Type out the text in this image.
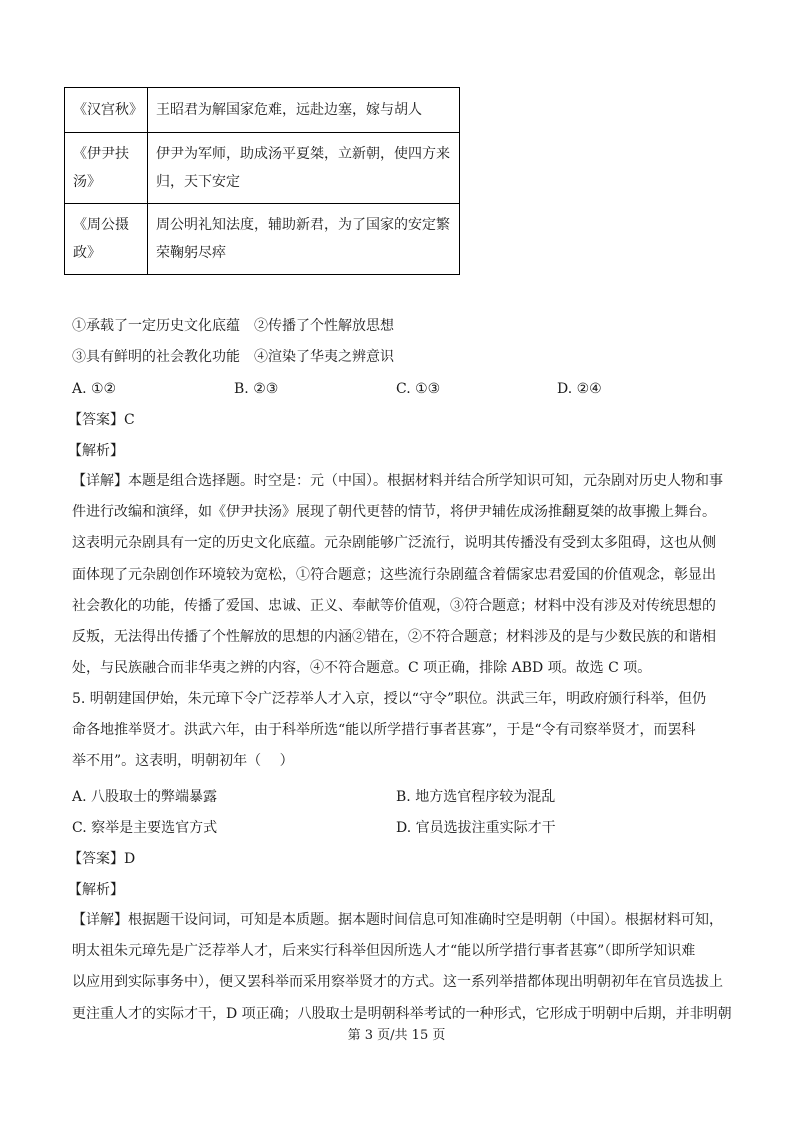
《汉宫秋》	王昭君为解国家危难，远赴边塞，嫁与胡人

《伊尹扶
汤》	伊尹为军师，助成汤平夏桀，立新朝，使四方来
归，天下安定

《周公摄
政》	周公明礼知法度，辅助新君，为了国家的安定繁
荣鞠躬尽瘁
①承载了一定历史文化底蕴　②传播了个性解放思想
③具有鲜明的社会教化功能　④渲染了华夷之辨意识
A. ①②	B. ②③	C. ①③	D. ②④
【答案】C
【解析】
【详解】本题是组合选择题。时空是：元（中国）。根据材料并结合所学知识可知，元杂剧对历史人物和事
件进行改编和演绎，如《伊尹扶汤》展现了朝代更替的情节，将伊尹辅佐成汤推翻夏桀的故事搬上舞台。
这表明元杂剧具有一定的历史文化底蕴。元杂剧能够广泛流行，说明其传播没有受到太多阻碍，这也从侧
面体现了元杂剧创作环境较为宽松，①符合题意；这些流行杂剧蕴含着儒家忠君爱国的价值观念，彰显出
社会教化的功能，传播了爱国、忠诚、正义、奉献等价值观，③符合题意；材料中没有涉及对传统思想的
反叛，无法得出传播了个性解放的思想的内涵②错在，②不符合题意；材料涉及的是与少数民族的和谐相
处，与民族融合而非华夷之辨的内容，④不符合题意。C 项正确，排除 ABD 项。故选 C 项。
5. 明朝建国伊始，朱元璋下令广泛荐举人才入京，授以“守令”职位。洪武三年，明政府颁行科举，但仍
命各地推举贤才。洪武六年，由于科举所选“能以所学措行事者甚寡”，于是“令有司察举贤才，而罢科
举不用”。这表明，明朝初年（　 ）
A. 八股取士的弊端暴露	B. 地方选官程序较为混乱
C. 察举是主要选官方式	D. 官员选拔注重实际才干
【答案】D
【解析】
【详解】根据题干设问词，可知是本质题。据本题时间信息可知准确时空是明朝（中国）。根据材料可知，
明太祖朱元璋先是广泛荐举人才，后来实行科举但因所选人才“能以所学措行事者甚寡”（即所学知识难
以应用到实际事务中），便又罢科举而采用察举贤才的方式。这一系列举措都体现出明朝初年在官员选拔上
更注重人才的实际才干，D 项正确；八股取士是明朝科举考试的一种形式，它形成于明朝中后期，并非明朝
第 3 页/共 15 页
